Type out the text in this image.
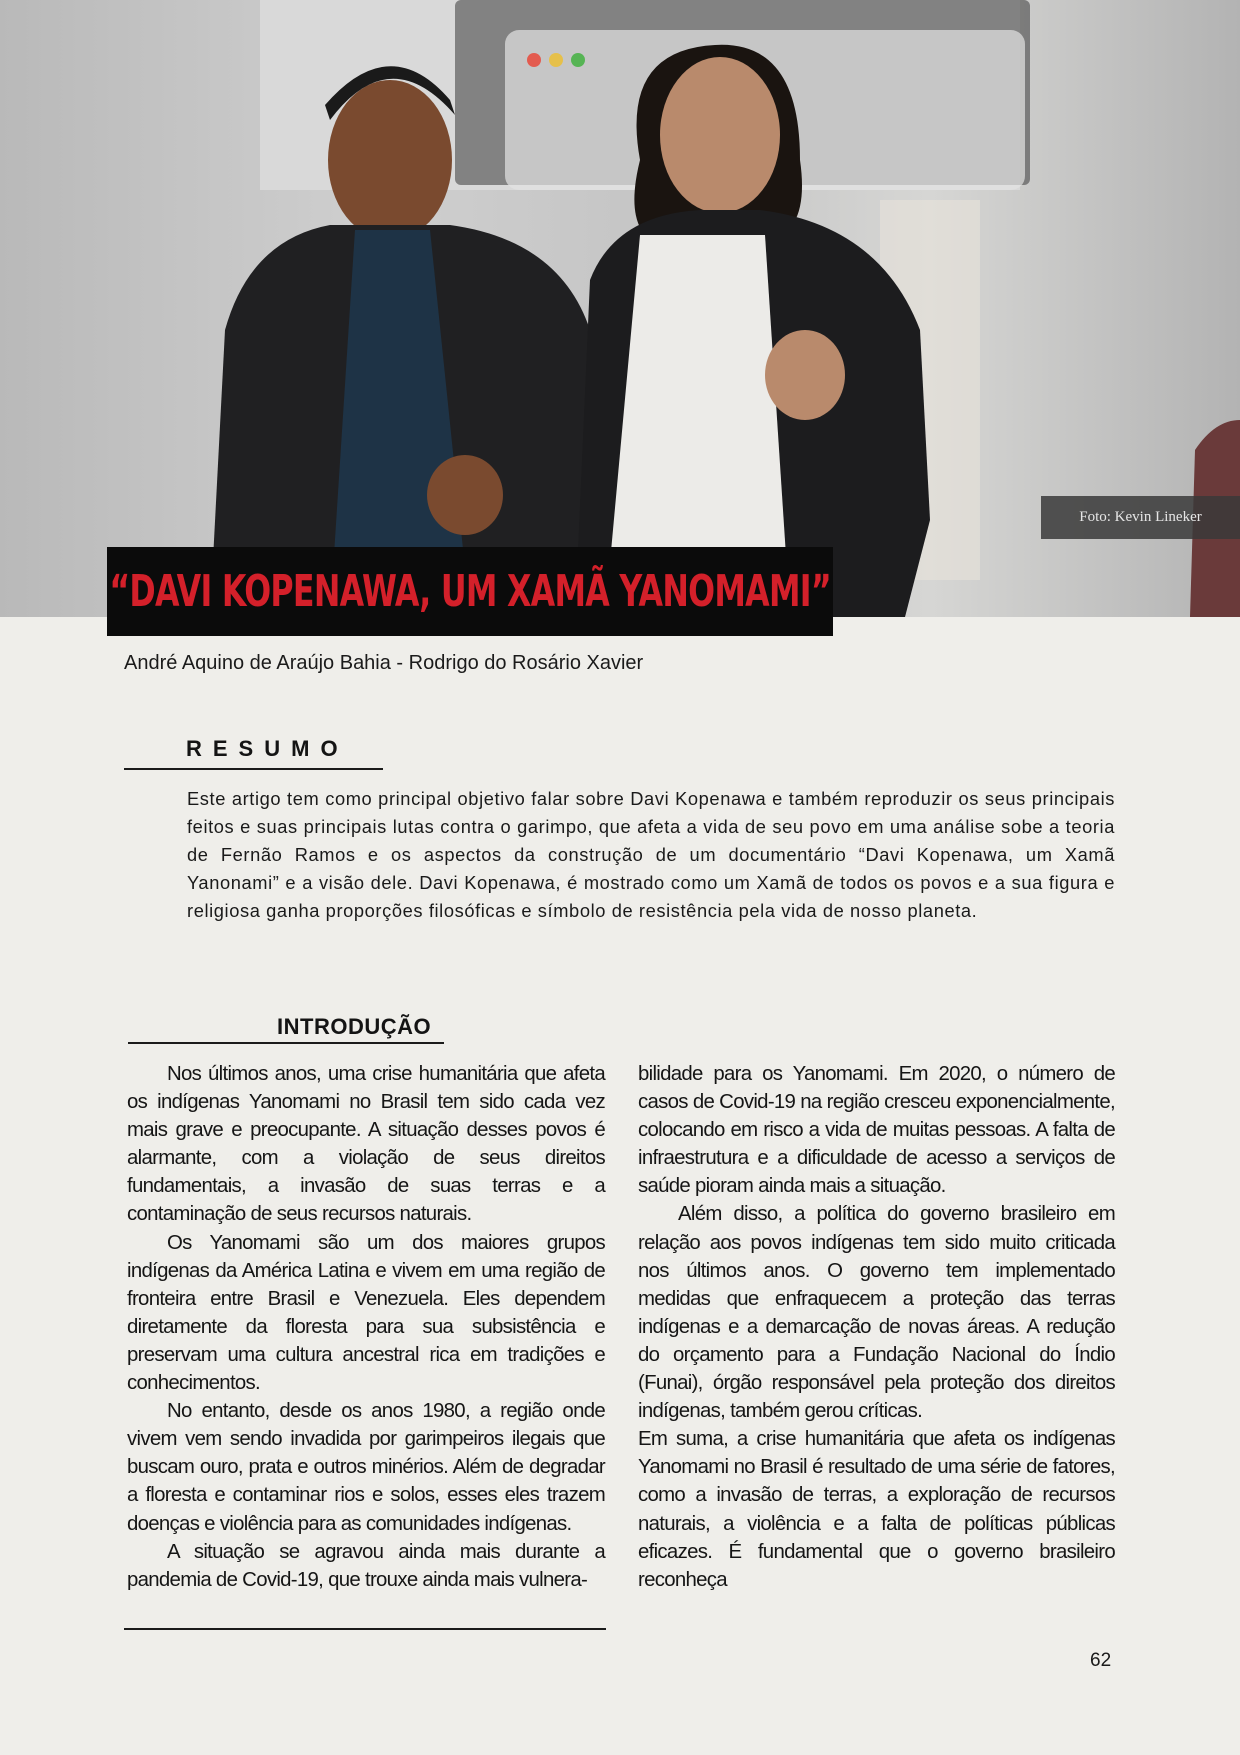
Foto: Kevin Lineker
“DAVI KOPENAWA, UM XAMÃ YANOMAMI”

André Aquino de Araújo Bahia - Rodrigo do Rosário Xavier

RESUMO

Este artigo tem como principal objetivo falar sobre Davi Kopenawa e também reproduzir os seus principais feitos e suas principais lutas contra o garimpo, que afeta a vida de seu povo em uma análise sobe a teoria de Fernão Ramos e os aspectos da construção de um documentário “Davi Kopenawa, um Xamã Yanonami” e a visão dele. Davi Kopenawa, é mostrado como um Xamã de todos os povos e a sua figura e religiosa ganha proporções filosóficas e símbolo de resistência pela vida de nosso planeta.

INTRODUÇÃO

Nos últimos anos, uma crise humanitária que afeta os indígenas Yanomami no Brasil tem sido cada vez mais grave e preocupante. A situação desses povos é alarmante, com a violação de seus direitos fundamentais, a invasão de suas terras e a contaminação de seus recursos naturais.

Os Yanomami são um dos maiores grupos indígenas da América Latina e vivem em uma região de fronteira entre Brasil e Venezuela. Eles dependem diretamente da floresta para sua subsistência e preservam uma cultura ancestral rica em tradições e conhecimentos.

No entanto, desde os anos 1980, a região onde vivem vem sendo invadida por garimpeiros ilegais que buscam ouro, prata e outros minérios. Além de degradar a floresta e contaminar rios e solos, esses eles trazem doenças e violência para as comunidades indígenas.

A situação se agravou ainda mais durante a pandemia de Covid-19, que trouxe ainda mais vulnera-

bilidade para os Yanomami. Em 2020, o número de casos de Covid-19 na região cresceu exponencialmente, colocando em risco a vida de muitas pessoas. A falta de infraestrutura e a dificuldade de acesso a serviços de saúde pioram ainda mais a situação.

Além disso, a política do governo brasileiro em relação aos povos indígenas tem sido muito criticada nos últimos anos. O governo tem implementado medidas que enfraquecem a proteção das terras indígenas e a demarcação de novas áreas. A redução do orçamento para a Fundação Nacional do Índio (Funai), órgão responsável pela proteção dos direitos indígenas, também gerou críticas.

Em suma, a crise humanitária que afeta os indígenas Yanomami no Brasil é resultado de uma série de fatores, como a invasão de terras, a exploração de recursos naturais, a violência e a falta de políticas públicas eficazes. É fundamental que o governo brasileiro reconheça

62
